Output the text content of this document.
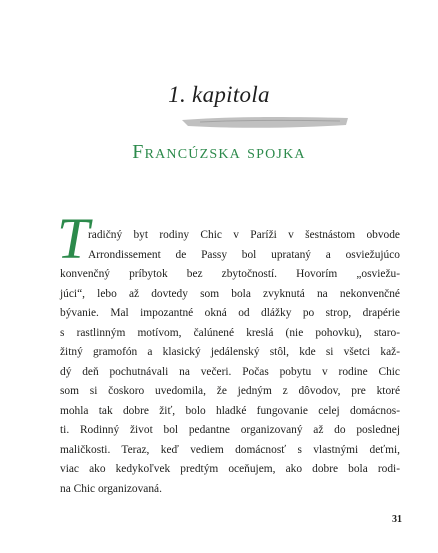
1. kapitola
Francúzska spojka
T
radičný byt rodiny Chic v Paríži v šestnástom obvode
Arrondissement de Passy bol uprataný a osviežujúco
konvenčný príbytok bez zbytočností. Hovorím „osviežu-
júci“, lebo až dovtedy som bola zvyknutá na nekonvenčné
bývanie. Mal impozantné okná od dlážky po strop, drapérie
s rastlinným motívom, čalúnené kreslá (nie pohovku), staro-
žitný gramofón a klasický jedálenský stôl, kde si všetci kaž-
dý deň pochutnávali na večeri. Počas pobytu v rodine Chic
som si čoskoro uvedomila, že jedným z dôvodov, pre ktoré
mohla tak dobre žiť, bolo hladké fungovanie celej domácnos-
ti. Rodinný život bol pedantne organizovaný až do poslednej
maličkosti. Teraz, keď vediem domácnosť s vlastnými deťmi,
viac ako kedykoľvek predtým oceňujem, ako dobre bola rodi-
na Chic organizovaná.
31
